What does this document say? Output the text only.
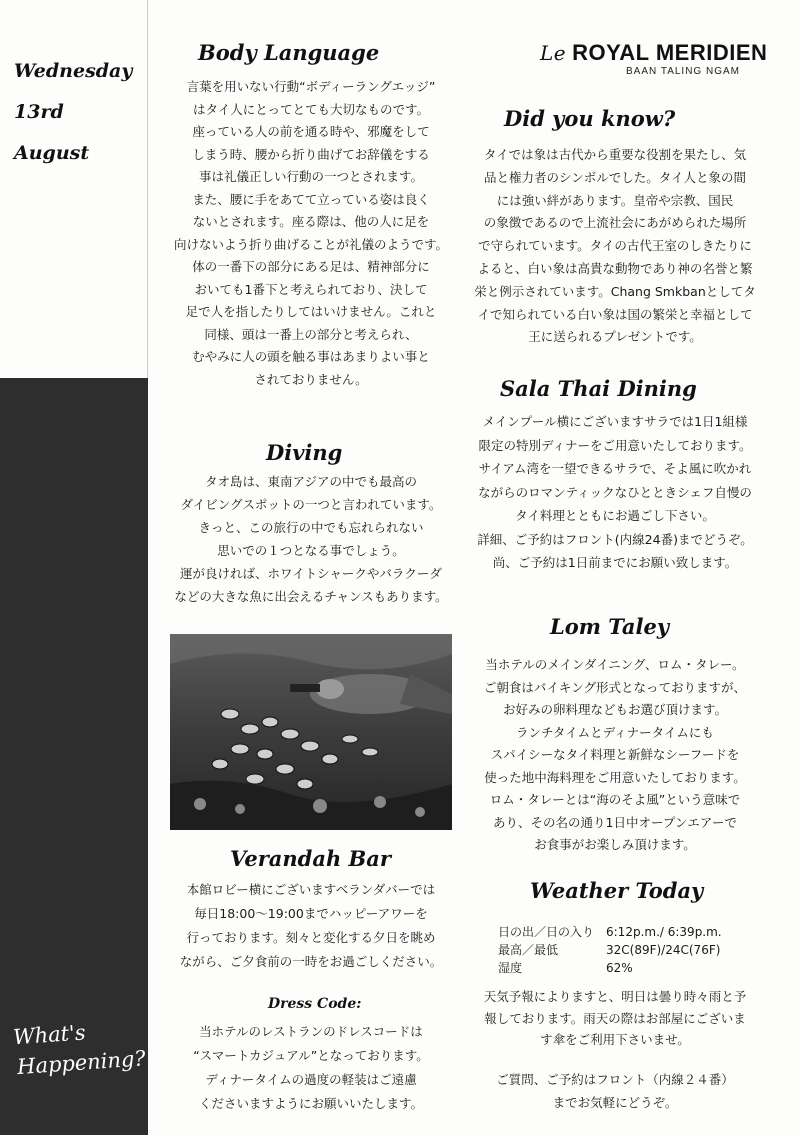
Wednesday
13rd
August
What's
Happening?
Le ROYAL MERIDIEN
BAAN TALING NGAM
Body Language
言葉を用いない行動“ボディーラングエッジ”
はタイ人にとってとても大切なものです。
座っている人の前を通る時や、邪魔をして
しまう時、腰から折り曲げてお辞儀をする
事は礼儀正しい行動の一つとされます。
また、腰に手をあてて立っている姿は良く
ないとされます。座る際は、他の人に足を
向けないよう折り曲げることが礼儀のようです。
体の一番下の部分にある足は、精神部分に
おいても1番下と考えられており、決して
足で人を指したりしてはいけません。これと
同様、頭は一番上の部分と考えられ、
むやみに人の頭を触る事はあまりよい事と
されておりません。
Diving
タオ島は、東南アジアの中でも最高の
ダイビングスポットの一つと言われています。
きっと、この旅行の中でも忘れられない
思いでの１つとなる事でしょう。
運が良ければ、ホワイトシャークやバラクーダ
などの大きな魚に出会えるチャンスもあります。
Verandah Bar
本館ロビー横にございますベランダバーでは
毎日18:00～19:00までハッピーアワーを
行っております。刻々と変化する夕日を眺め
ながら、ご夕食前の一時をお過ごしください。
Dress Code:
当ホテルのレストランのドレスコードは
“スマートカジュアル”となっております。
ディナータイムの過度の軽装はご遠慮
くださいますようにお願いいたします。
Did you know?
タイでは象は古代から重要な役割を果たし、気
品と権力者のシンボルでした。タイ人と象の間
には強い絆があります。皇帝や宗教、国民
の象徴であるので上流社会にあがめられた場所
で守られています。タイの古代王室のしきたりに
よると、白い象は高貴な動物であり神の名誉と繁
栄と例示されています。Chang Smkbanとしてタ
イで知られている白い象は国の繁栄と幸福として
王に送られるプレゼントです。
Sala Thai Dining
メインプール横にございますサラでは1日1組様
限定の特別ディナーをご用意いたしております。
サイアム湾を一望できるサラで、そよ風に吹かれ
ながらのロマンティックなひとときシェフ自慢の
タイ料理とともにお過ごし下さい。
詳細、ご予約はフロント(内線24番)までどうぞ。
尚、ご予約は1日前までにお願い致します。
Lom Taley
当ホテルのメインダイニング、ロム・タレー。
ご朝食はバイキング形式となっておりますが、
お好みの卵料理などもお選び頂けます。
ランチタイムとディナータイムにも
スパイシーなタイ料理と新鮮なシーフードを
使った地中海料理をご用意いたしております。
ロム・タレーとは“海のそよ風”という意味で
あり、その名の通り1日中オープンエアーで
お食事がお楽しみ頂けます。
Weather Today
日の出／日の入り 6:12p.m./ 6:39p.m.
最高／最低	32C(89F)/24C(76F)
湿度	62%
天気予報によりますと、明日は曇り時々雨と予
報しております。雨天の際はお部屋にございま
す傘をご利用下さいませ。
ご質問、ご予約はフロント（内線２４番）
までお気軽にどうぞ。
